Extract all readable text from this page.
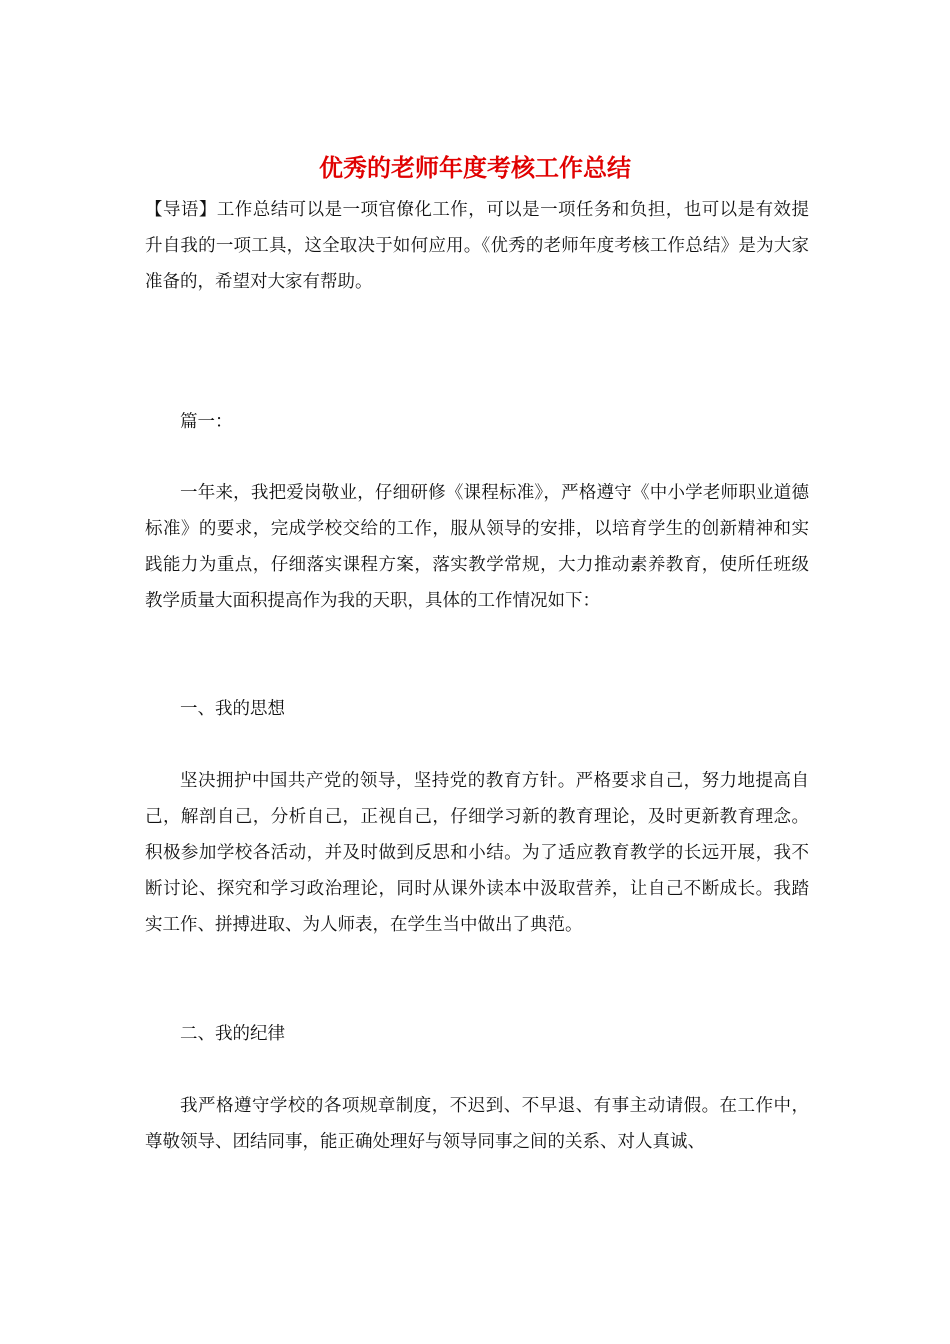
优秀的老师年度考核工作总结

【导语】工作总结可以是一项官僚化工作，可以是一项任务和负担，也可以是有效提升自我的一项工具，这全取决于如何应用。《优秀的老师年度考核工作总结》是为大家准备的，希望对大家有帮助。

篇一：

一年来，我把爱岗敬业，仔细研修《课程标准》，严格遵守《中小学老师职业道德标准》的要求，完成学校交给的工作，服从领导的安排，以培育学生的创新精神和实践能力为重点，仔细落实课程方案，落实教学常规，大力推动素养教育，使所任班级教学质量大面积提高作为我的天职，具体的工作情况如下：

一、我的思想

坚决拥护中国共产党的领导，坚持党的教育方针。严格要求自己，努力地提高自己，解剖自己，分析自己，正视自己，仔细学习新的教育理论，及时更新教育理念。积极参加学校各活动，并及时做到反思和小结。为了适应教育教学的长远开展，我不断讨论、探究和学习政治理论，同时从课外读本中汲取营养，让自己不断成长。我踏实工作、拼搏进取、为人师表，在学生当中做出了典范。

二、我的纪律

我严格遵守学校的各项规章制度，不迟到、不早退、有事主动请假。在工作中，尊敬领导、团结同事，能正确处理好与领导同事之间的关系、对人真诚、
